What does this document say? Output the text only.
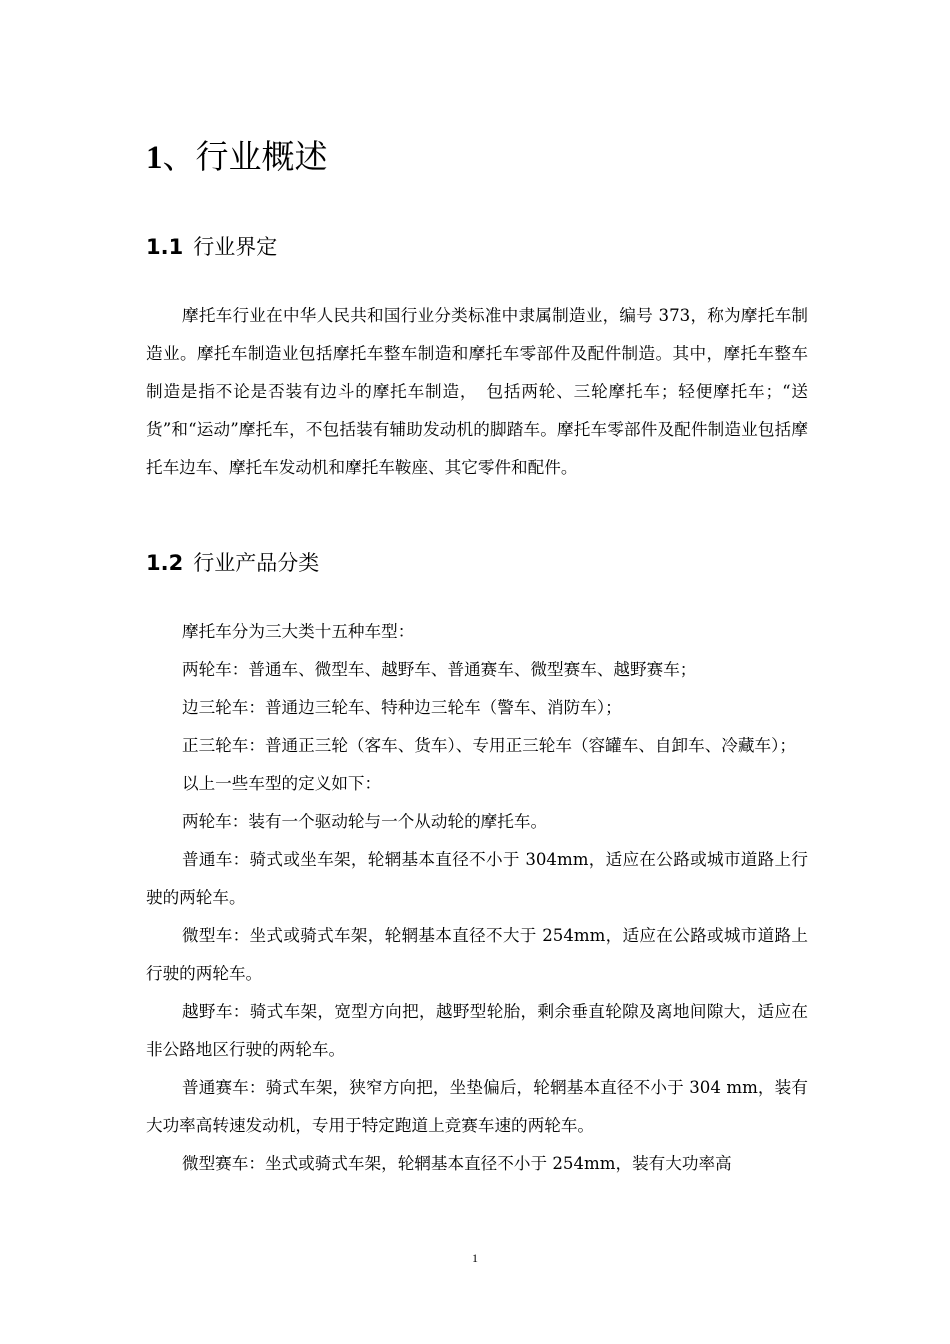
1、行业概述
1.1 行业界定

摩托车行业在中华人民共和国行业分类标准中隶属制造业，编号 373，称为摩托车制造业。摩托车制造业包括摩托车整车制造和摩托车零部件及配件制造。其中，摩托车整车制造是指不论是否装有边斗的摩托车制造，　包括两轮、三轮摩托车；轻便摩托车；“送货”和“运动”摩托车，不包括装有辅助发动机的脚踏车。摩托车零部件及配件制造业包括摩托车边车、摩托车发动机和摩托车鞍座、其它零件和配件。

1.2 行业产品分类

摩托车分为三大类十五种车型：

两轮车：普通车、微型车、越野车、普通赛车、微型赛车、越野赛车；

边三轮车：普通边三轮车、特种边三轮车（警车、消防车）；

正三轮车：普通正三轮（客车、货车）、专用正三轮车（容罐车、自卸车、冷藏车）；

以上一些车型的定义如下：

两轮车：装有一个驱动轮与一个从动轮的摩托车。

普通车：骑式或坐车架，轮辋基本直径不小于 304mm，适应在公路或城市道路上行驶的两轮车。

微型车：坐式或骑式车架，轮辋基本直径不大于 254mm，适应在公路或城市道路上行驶的两轮车。

越野车：骑式车架，宽型方向把，越野型轮胎，剩余垂直轮隙及离地间隙大，适应在非公路地区行驶的两轮车。

普通赛车：骑式车架，狭窄方向把，坐垫偏后，轮辋基本直径不小于 304 mm，装有大功率高转速发动机，专用于特定跑道上竞赛车速的两轮车。

微型赛车：坐式或骑式车架，轮辋基本直径不小于 254mm，装有大功率高

1
